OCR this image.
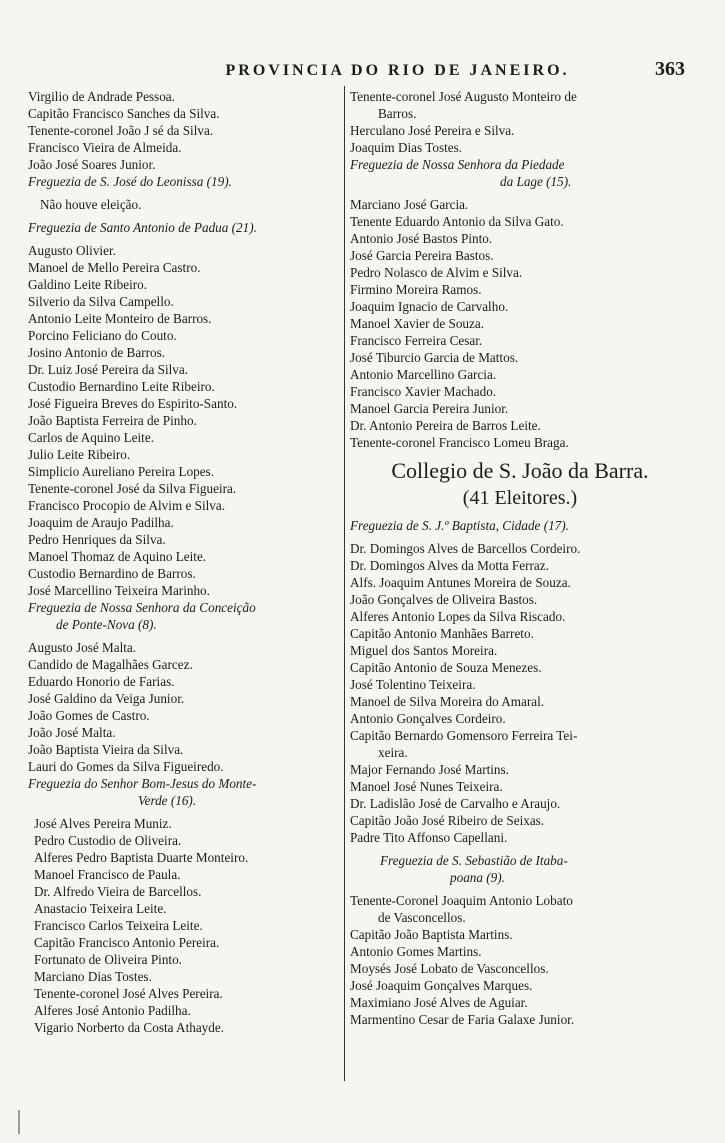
PROVINCIA DO RIO DE JANEIRO.	363
Virgilio de Andrade Pessoa.
Capitão Francisco Sanches da Silva.
Tenente-coronel João J sé da Silva.
Francisco Vieira de Almeida.
João José Soares Junior.
Freguezia de S. José do Leonissa (19).
Não houve eleição.
Freguezia de Santo Antonio de Padua (21).
Augusto Olivier.
Manoel de Mello Pereira Castro.
Galdino Leite Ribeiro.
Silverio da Silva Campello.
Antonio Leite Monteiro de Barros.
Porcino Feliciano do Couto.
Josino Antonio de Barros.
Dr. Luiz José Pereira da Silva.
Custodio Bernardino Leite Ribeiro.
José Figueira Breves do Espirito-Santo.
João Baptista Ferreira de Pinho.
Carlos de Aquino Leite.
Julio Leite Ribeiro.
Simplicio Aureliano Pereira Lopes.
Tenente-coronel José da Silva Figueira.
Francisco Procopio de Alvim e Silva.
Joaquim de Araujo Padilha.
Pedro Henriques da Silva.
Manoel Thomaz de Aquino Leite.
Custodio Bernardino de Barros.
José Marcellino Teixeira Marinho.
Freguezia de Nossa Senhora da Conceição
de Ponte-Nova (8).
Augusto José Malta.
Candido de Magalhães Garcez.
Eduardo Honorio de Farias.
José Galdino da Veiga Junior.
João Gomes de Castro.
João José Malta.
João Baptista Vieira da Silva.
Lauri do Gomes da Silva Figueiredo.
Freguezia do Senhor Bom-Jesus do Monte-
Verde (16).
José Alves Pereira Muniz.
Pedro Custodio de Oliveira.
Alferes Pedro Baptista Duarte Monteiro.
Manoel Francisco de Paula.
Dr. Alfredo Vieira de Barcellos.
Anastacio Teixeira Leite.
Francisco Carlos Teixeira Leite.
Capitão Francisco Antonio Pereira.
Fortunato de Oliveira Pinto.
Marciano Dias Tostes.
Tenente-coronel José Alves Pereira.
Alferes José Antonio Padilha.
Vigario Norberto da Costa Athayde.
Tenente-coronel José Augusto Monteiro de
Barros.
Herculano José Pereira e Silva.
Joaquim Dias Tostes.
Freguezia de Nossa Senhora da Piedade
da Lage (15).
Marciano José Garcia.
Tenente Eduardo Antonio da Silva Gato.
Antonio José Bastos Pinto.
José Garcia Pereira Bastos.
Pedro Nolasco de Alvim e Silva.
Firmino Moreira Ramos.
Joaquim Ignacio de Carvalho.
Manoel Xavier de Souza.
Francisco Ferreira Cesar.
José Tiburcio Garcia de Mattos.
Antonio Marcellino Garcia.
Francisco Xavier Machado.
Manoel Garcia Pereira Junior.
Dr. Antonio Pereira de Barros Leite.
Tenente-coronel Francisco Lomeu Braga.
Collegio de S. João da Barra.
(41 Eleitores.)
Freguezia de S. J.º Baptista, Cidade (17).
Dr. Domingos Alves de Barcellos Cordeiro.
Dr. Domingos Alves da Motta Ferraz.
Alfs. Joaquim Antunes Moreira de Souza.
João Gonçalves de Oliveira Bastos.
Alferes Antonio Lopes da Silva Riscado.
Capitão Antonio Manhães Barreto.
Miguel dos Santos Moreira.
Capitão Antonio de Souza Menezes.
José Tolentino Teixeira.
Manoel de Silva Moreira do Amaral.
Antonio Gonçalves Cordeiro.
Capitão Bernardo Gomensoro Ferreira Tei-
xeira.
Major Fernando José Martins.
Manoel José Nunes Teixeira.
Dr. Ladislão José de Carvalho e Araujo.
Capitão João José Ribeiro de Seixas.
Padre Tito Affonso Capellani.
Freguezia de S. Sebastião de Itaba-
poana (9).
Tenente-Coronel Joaquim Antonio Lobato
de Vasconcellos.
Capitão João Baptista Martins.
Antonio Gomes Martins.
Moysés José Lobato de Vasconcellos.
José Joaquim Gonçalves Marques.
Maximiano José Alves de Aguiar.
Marmentino Cesar de Faria Galaxe Junior.
